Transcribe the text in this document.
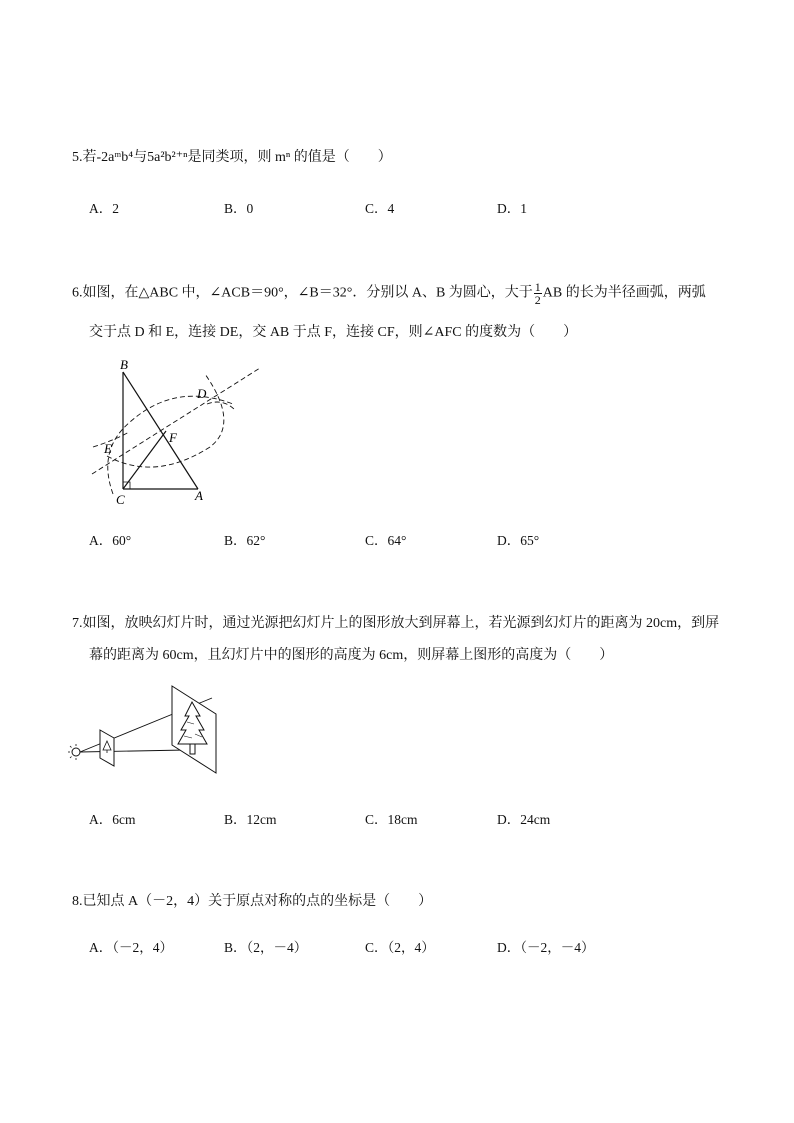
5.若-2aᵐb⁴与5a²b²⁺ⁿ是同类项，则 mⁿ 的值是（　　）
A．2	B．0	C．4	D．1
6.如图，在△ABC 中，∠ACB＝90°，∠B＝32°．分别以 A、B 为圆心，大于 $\frac{1}{2}$ AB 的长为半径画弧，两弧
交于点 D 和 E，连接 DE，交 AB 于点 F，连接 CF，则∠AFC 的度数为（　　）
B
D
F
E
C	A
A．60°	B．62°	C．64°	D．65°
7.如图，放映幻灯片时，通过光源把幻灯片上的图形放大到屏幕上，若光源到幻灯片的距离为 20cm，到屏
幕的距离为 60cm，且幻灯片中的图形的高度为 6cm，则屏幕上图形的高度为（　　）
A．6cm	B．12cm	C．18cm	D．24cm
8.已知点 A（－2，4）关于原点对称的点的坐标是（　　）
A．（－2，4）	B．（2，－4）	C．（2，4）	D．（－2，－4）
